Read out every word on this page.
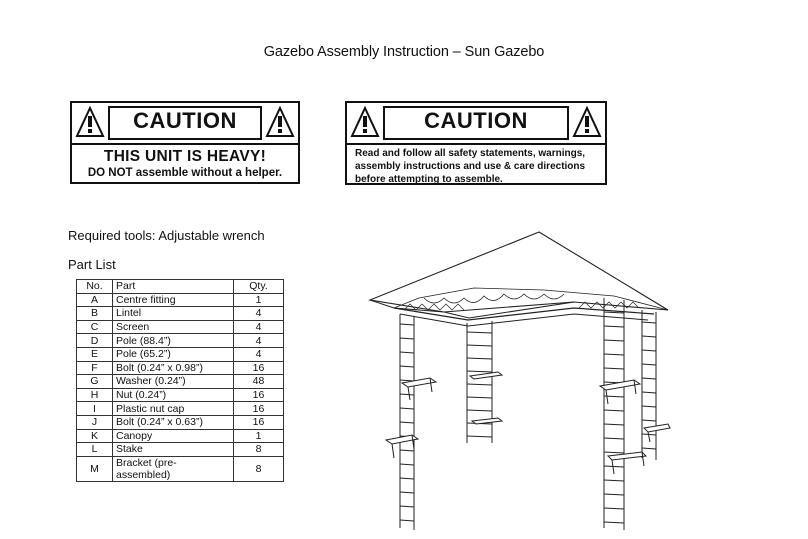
Gazebo Assembly Instruction – Sun Gazebo
CAUTION
THIS UNIT IS HEAVY!
DO NOT assemble without a helper.
CAUTION
Read and follow all safety statements, warnings, assembly instructions and use & care directions before attempting to assemble.
Required tools: Adjustable wrench
Part List
No.	Part	Qty.
A	Centre fitting	1
B	Lintel	4
C	Screen	4
D	Pole (88.4”)	4
E	Pole (65.2”)	4
F	Bolt (0.24” x 0.98”)	16
G	Washer (0.24”)	48
H	Nut (0.24”)	16
I	Plastic nut cap	16
J	Bolt (0.24” x 0.63”)	16
K	Canopy	1
L	Stake	8
M	Bracket (pre-assembled)	8
